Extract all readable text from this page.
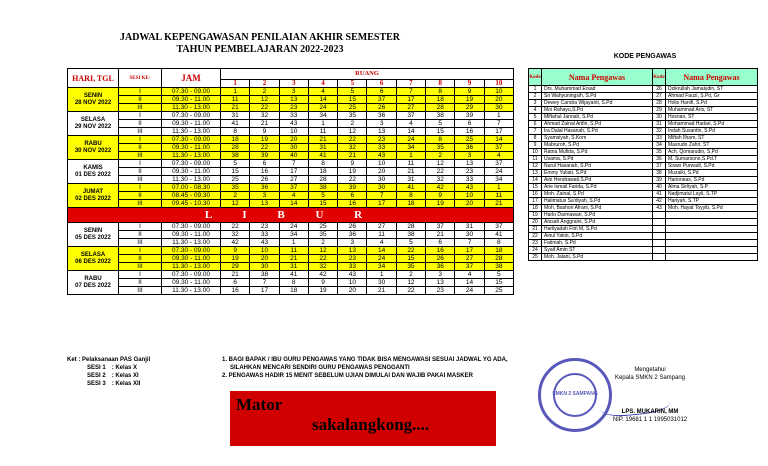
JADWAL KEPENGAWASAN PENILAIAN AKHIR SEMESTER
TAHUN PEMBELAJARAN 2022-2023
KODE PENGAWAS
HARI, TGL	SESI KE-	JAM	RUANG									
			1	2	3	4	5	6	7	8	9	10

SENIN
28 NOV 2022	I	07.30 - 09.00	1	2	3	4	5	6	7	8	9	10
	II	09.30 - 11.00	11	12	13	14	15	37	17	18	19	20
	III	11.30 - 13.00	21	22	23	24	25	26	27	28	29	30

SELASA
29 NOV 2022	I	07.30 - 09.00	31	32	33	34	35	36	37	38	39	1
	II	09.30 - 11.00	41	21	43	1	2	3	4	5	6	7
	III	11.30 - 13.00	8	9	10	11	12	13	14	15	16	17

RABU
30 NOV 2022	I	07.30 - 09.00	18	19	20	21	22	23	24	8	25	14
	II	09.30 - 11.00	28	22	30	31	32	33	34	35	36	37
	III	11.30 - 13.00	38	39	40	41	21	43	1	2	3	4

KAMIS
01 DES 2022	I	07.30 - 09.00	5	6	7	8	9	10	11	12	13	37
	II	09.30 - 11.00	15	16	17	18	19	20	21	22	23	24
	III	11.30 - 13.00	25	26	27	28	22	30	31	32	33	34

JUMAT
02 DES 2022	I	07.00 - 08.30	35	36	37	38	39	30	41	42	43	1
	II	08.45 - 09.30	2	3	4	5	6	7	8	9	10	11
	III	09.45 - 10.30	12	13	14	15	16	17	18	19	20	21
L I B U R												

SENIN
05 DES 2022	I	07.30 - 09.00	22	23	24	25	26	27	28	37	31	37
	II	09.30 - 11.00	32	33	34	35	36	11	38	21	30	41
	III	11.30 - 13.00	42	43	1	2	3	4	5	6	7	8

SELASA
06 DES 2022	I	07.30 - 09.00	9	10	11	12	13	14	22	16	17	18
	II	09.30 - 11.00	19	20	21	22	23	24	15	26	27	28
	III	11.30 - 13.00	29	30	31	32	33	34	35	36	37	38

RABU
07 DES 2022	I	07.30 - 09.00	21	38	41	42	43	1	2	3	4	5
	II	09.30 - 11.00	6	7	8	9	10	30	12	13	14	15
	III	11.30 - 13.00	16	17	18	19	20	21	22	23	24	25
Kode	Nama Pengawas	Kode	Nama Pengawas
1	Drs. Muhammad Ersad	26	Dzikrullah Jamaludin, ST
2	Sri Wahyuningsih, S.Pd	27	Ahmad Fauzi, S.Pd, Gr
3	Dewey Candra Wijayanti, S.Pd	28	Holis Hanifi, S.Pd
4	Moi Rahayu,S.Pd	29	Muhammad Aris, ST
5	Miftahul Jannah, S.Pd	30	Hosnan, ST
6	Ahmad Zainal Arifin, S.Pd	31	Mohammad Hadari, S.Pd
7	Ira Dalal Hasanah, S.Pd	32	Indah Susantin, S.Pd
8	Syamsiyah, S.Kom	33	Miftah Ilham, ST
9	Mabruroh, S.Pd	34	Masrudo Zahri, ST
10	Ratna Mufida, S.Pd	35	Ach. Qomarudin, S.Pd
11	Usama, S.Pd	36	M. Sumarsono,S.Pd.T
12	Nurul Hasanah, S.Pd	37	Siswo Purwadi, S.Pd
13	Emmy Yuliati, S.Pd	38	Muzaiki, S.Pd
14	Aini Hendrawati,S.Pd	39	Harioneas, S.Pd
15	Arie Ismail Farida, S.Pd	40	Alma Sirliyah, S.P
16	Moh. Zainal, S.Pd	41	Nadjimatul Layli, S.TP
17	Halimatus Sa'diyah, S.Pd	42	Hariyah, S.TP
18	Moh. Bashori Afrani, S.Pd	43	Moh. Hayat Toyyib, S.Pd
19	Harlo Darmawan, S.Pd		
20	Atssah Anggraini, S.Pd		
21	Harliyadah Fitri M, S.Pd		
22	Ainul Yakin, S.Pd		
23	Fatimah, S.Pd		
24	Syaif Amin ST		
25	Moh. Jalani, S.Pd		
Ket : Pelaksanaan PAS Ganjil
SESI 1 : Kelas X
SESI 2 : Kelas XI
SESI 3 : Kelas XII
1. BAGI BAPAK / IBU GURU PENGAWAS YANG TIDAK BISA MENGAWASI SESUAI JADWAL YG ADA,
SILAHKAN MENCARI SENDIRI GURU PENGAWAS PENGGANTI
2. PENGAWAS HADIR 15 MENIT SEBELUM UJIAN DIMULAI DAN WAJIB PAKAI MASKER
Mator
sakalangkong....
SMKN 2 SAMPANG
Mengetahui
Kepala SMKN 2 Sampang
LPS. MUKARIN, MM
NIP. 19681 1 1 1995031012
